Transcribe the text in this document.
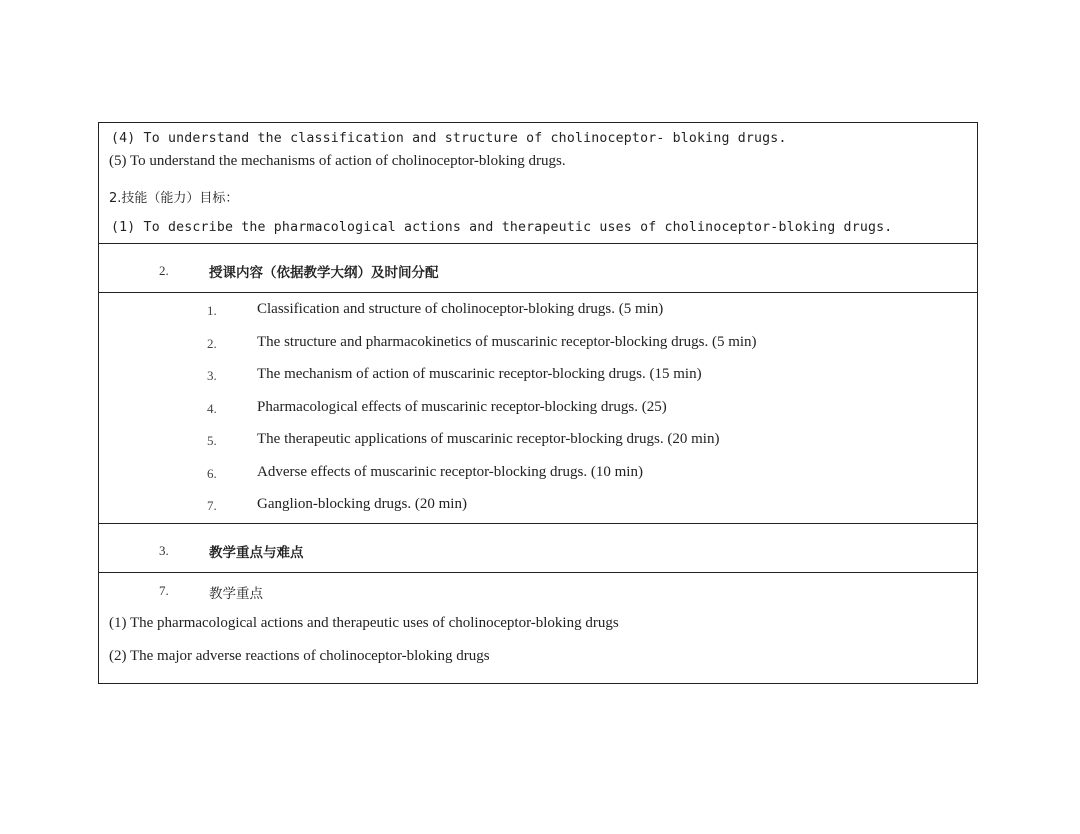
(4) To understand the classification and structure of cholinoceptor- bloking drugs.
(5) To understand the mechanisms of action of cholinoceptor-bloking drugs.
2.技能（能力）目标：
(1) To describe the pharmacological actions and therapeutic uses of cholinoceptor-bloking drugs.
2.	授课内容（依据教学大纲）及时间分配
1.	Classification and structure of cholinoceptor-bloking drugs. (5 min)
2.	The structure and pharmacokinetics of muscarinic receptor-blocking drugs. (5 min)
3.	The mechanism of action of muscarinic receptor-blocking drugs. (15 min)
4.	Pharmacological effects of muscarinic receptor-blocking drugs. (25)
5.	The therapeutic applications of muscarinic receptor-blocking drugs. (20 min)
6.	Adverse effects of muscarinic receptor-blocking drugs. (10 min)
7.	Ganglion-blocking drugs. (20 min)
3.	教学重点与难点
7.	教学重点
(1) The pharmacological actions and therapeutic uses of cholinoceptor-bloking drugs
(2) The major adverse reactions of cholinoceptor-bloking drugs
